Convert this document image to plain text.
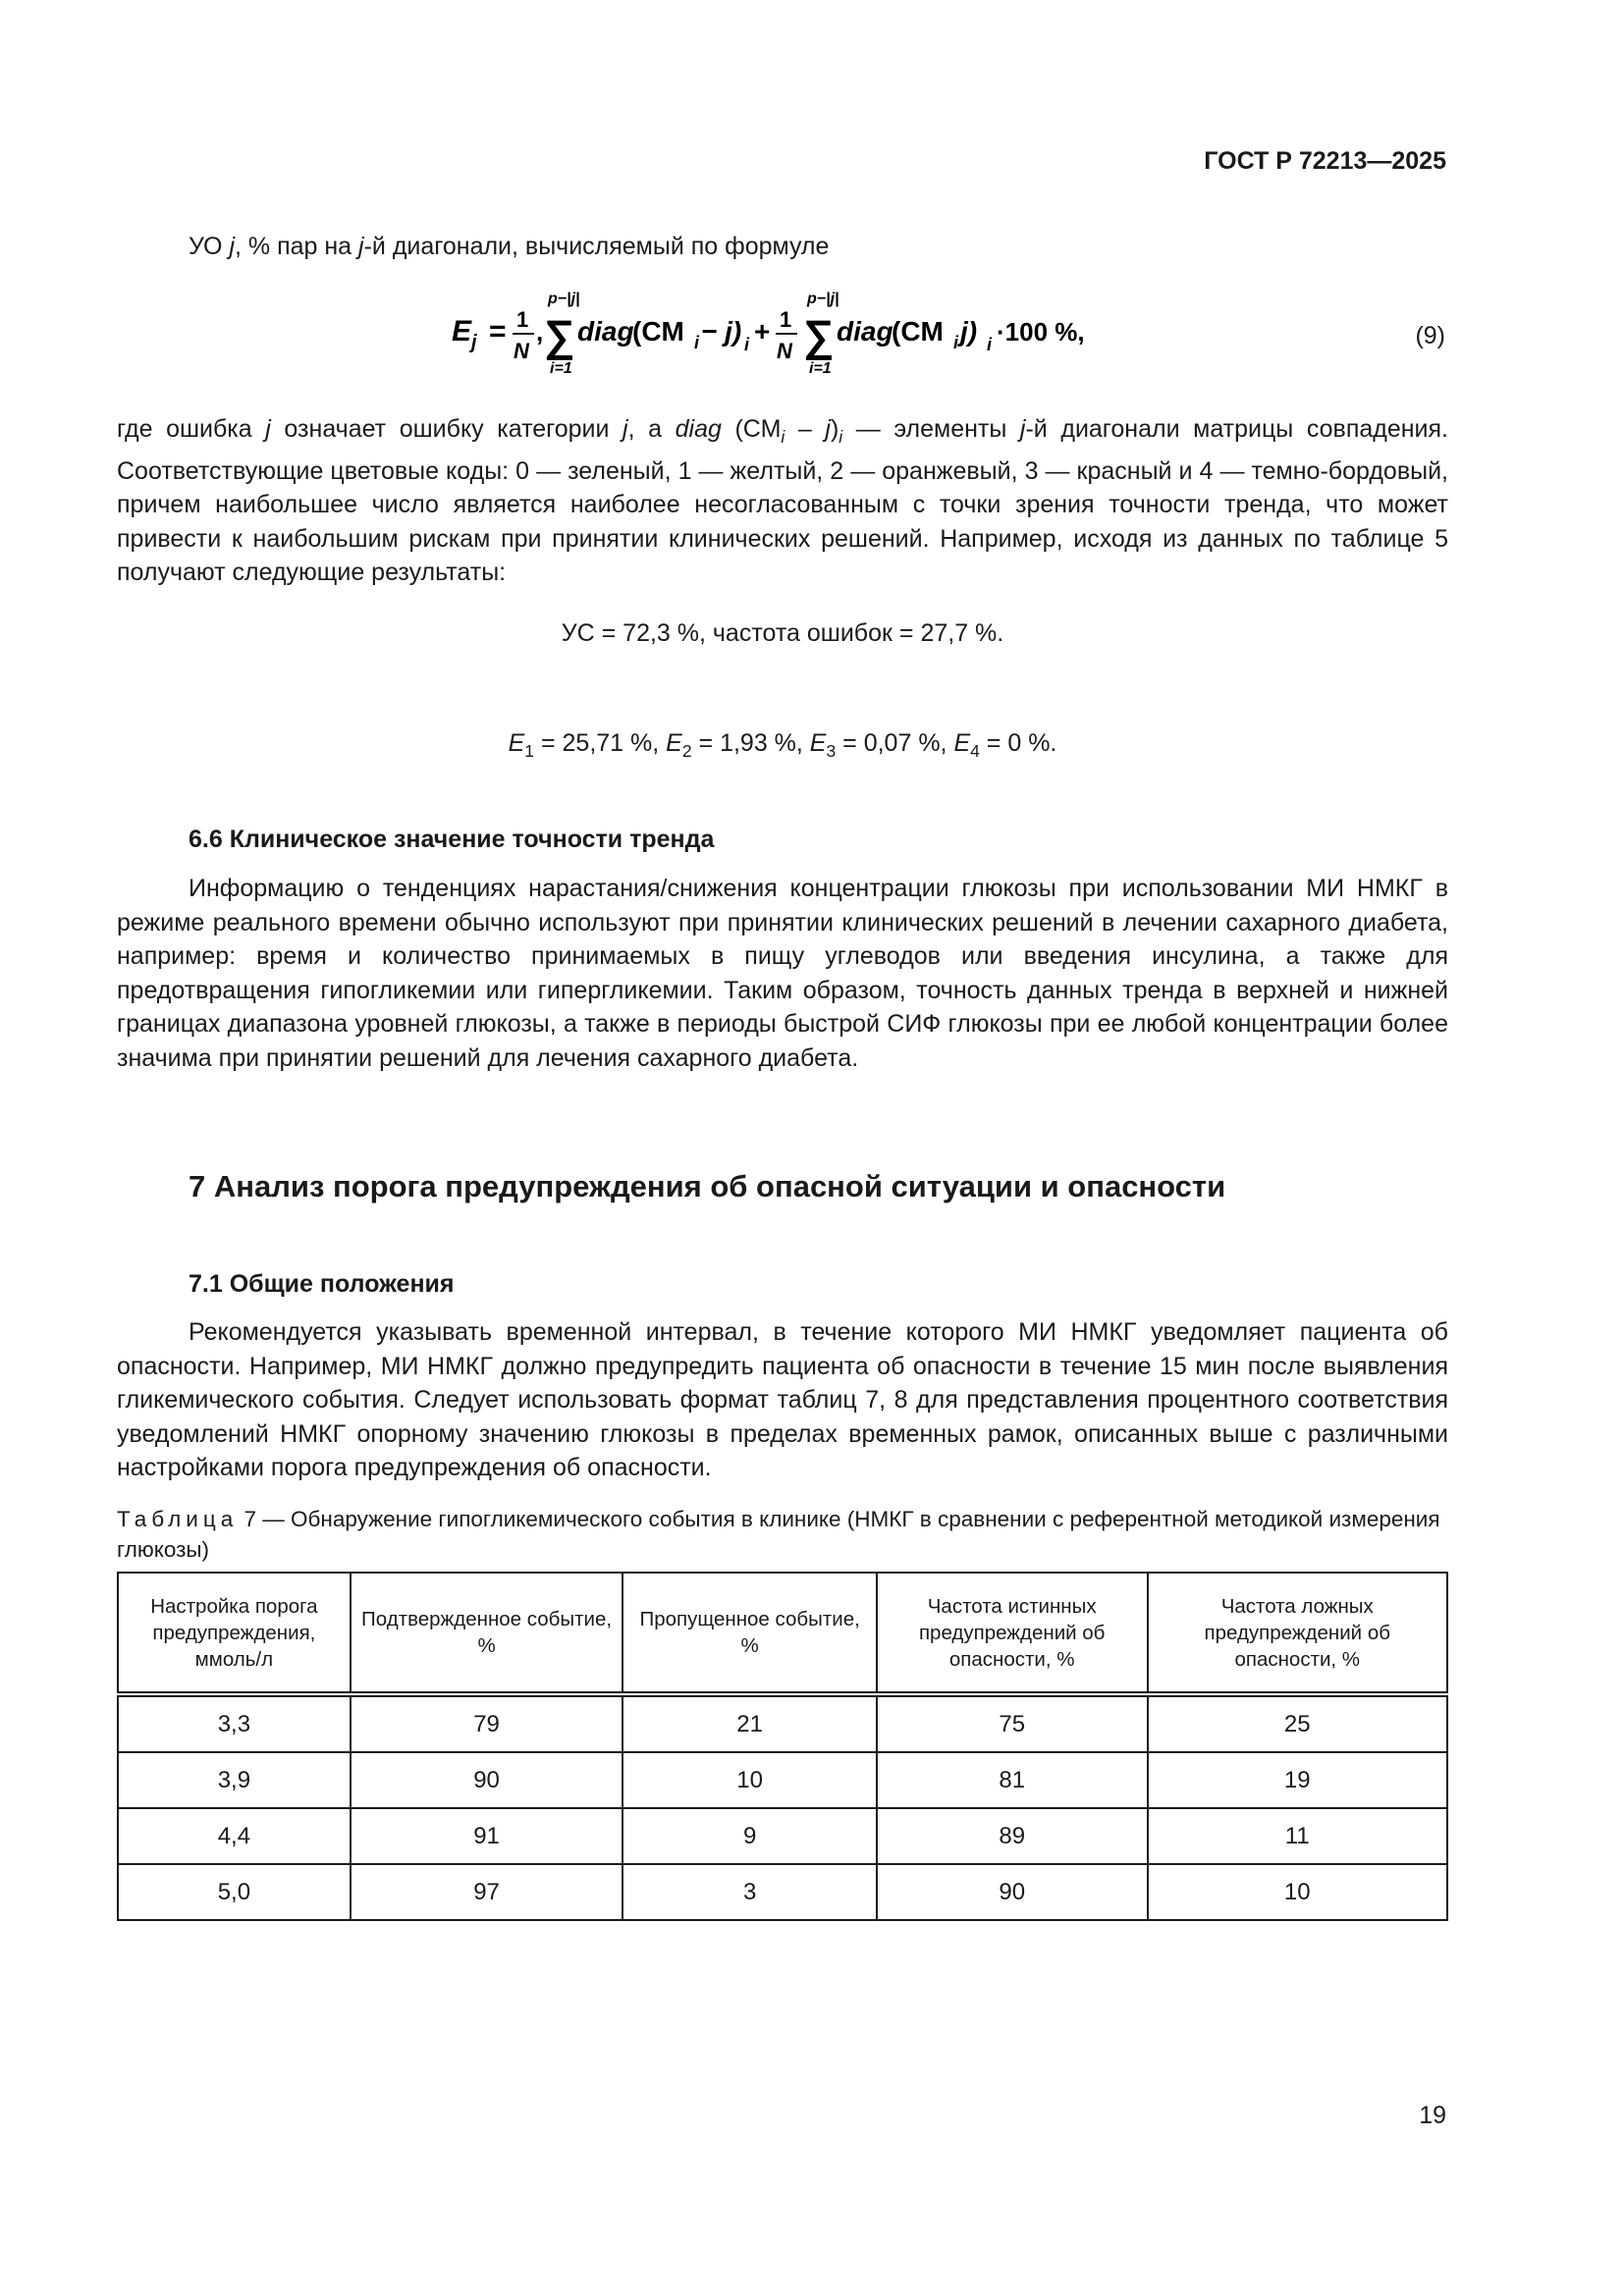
ГОСТ Р 72213—2025
УО j, % пар на j-й диагонали, вычисляемый по формуле
E j = 1
N
,
p−|j|
∑
i=1
diag
(CM i − j) i + 1
N
p−|j|
∑
i=1
diag
(CM i j) i ·100 %,	(9)
где ошибка j означает ошибку категории j, а diag $(СМ_i - j)_i$ — элементы j-й диагонали матрицы совпадения. Соответствующие цветовые коды: 0 — зеленый, 1 — желтый, 2 — оранжевый, 3 — красный и 4 — темно-бордовый, причем наибольшее число является наиболее несогласованным с точки зрения точности тренда, что может привести к наибольшим рискам при принятии клинических решений. Например, исходя из данных по таблице 5 получают следующие результаты:
УС = 72,3 %, частота ошибок = 27,7 %.
$E_1 = 25,71$ %, $E_2 = 1,93$ %, $E_3 = 0,07$ %, $E_4 = 0$ %.
6.6 Клиническое значение точности тренда
Информацию о тенденциях нарастания/снижения концентрации глюкозы при использовании МИ НМКГ в режиме реального времени обычно используют при принятии клинических решений в лечении сахарного диабета, например: время и количество принимаемых в пищу углеводов или введения инсулина, а также для предотвращения гипогликемии или гипергликемии. Таким образом, точность данных тренда в верхней и нижней границах диапазона уровней глюкозы, а также в периоды быстрой СИФ глюкозы при ее любой концентрации более значима при принятии решений для лечения сахарного диабета.
7 Анализ порога предупреждения об опасной ситуации и опасности
7.1 Общие положения
Рекомендуется указывать временной интервал, в течение которого МИ НМКГ уведомляет пациента об опасности. Например, МИ НМКГ должно предупредить пациента об опасности в течение 15 мин после выявления гликемического события. Следует использовать формат таблиц 7, 8 для представления процентного соответствия уведомлений НМКГ опорному значению глюкозы в пределах временных рамок, описанных выше с различными настройками порога предупреждения об опасности.
Таблица 7 — Обнаружение гипогликемического события в клинике (НМКГ в сравнении с референтной методикой измерения глюкозы)
Настройка порога предупреждения, ммоль/л	Подтвержденное событие, %	Пропущенное событие, %	Частота истинных предупреждений об опасности, %	Частота ложных предупреждений об опасности, %
3,3	79	21	75	25
3,9	90	10	81	19
4,4	91	9	89	11
5,0	97	3	90	10
19
